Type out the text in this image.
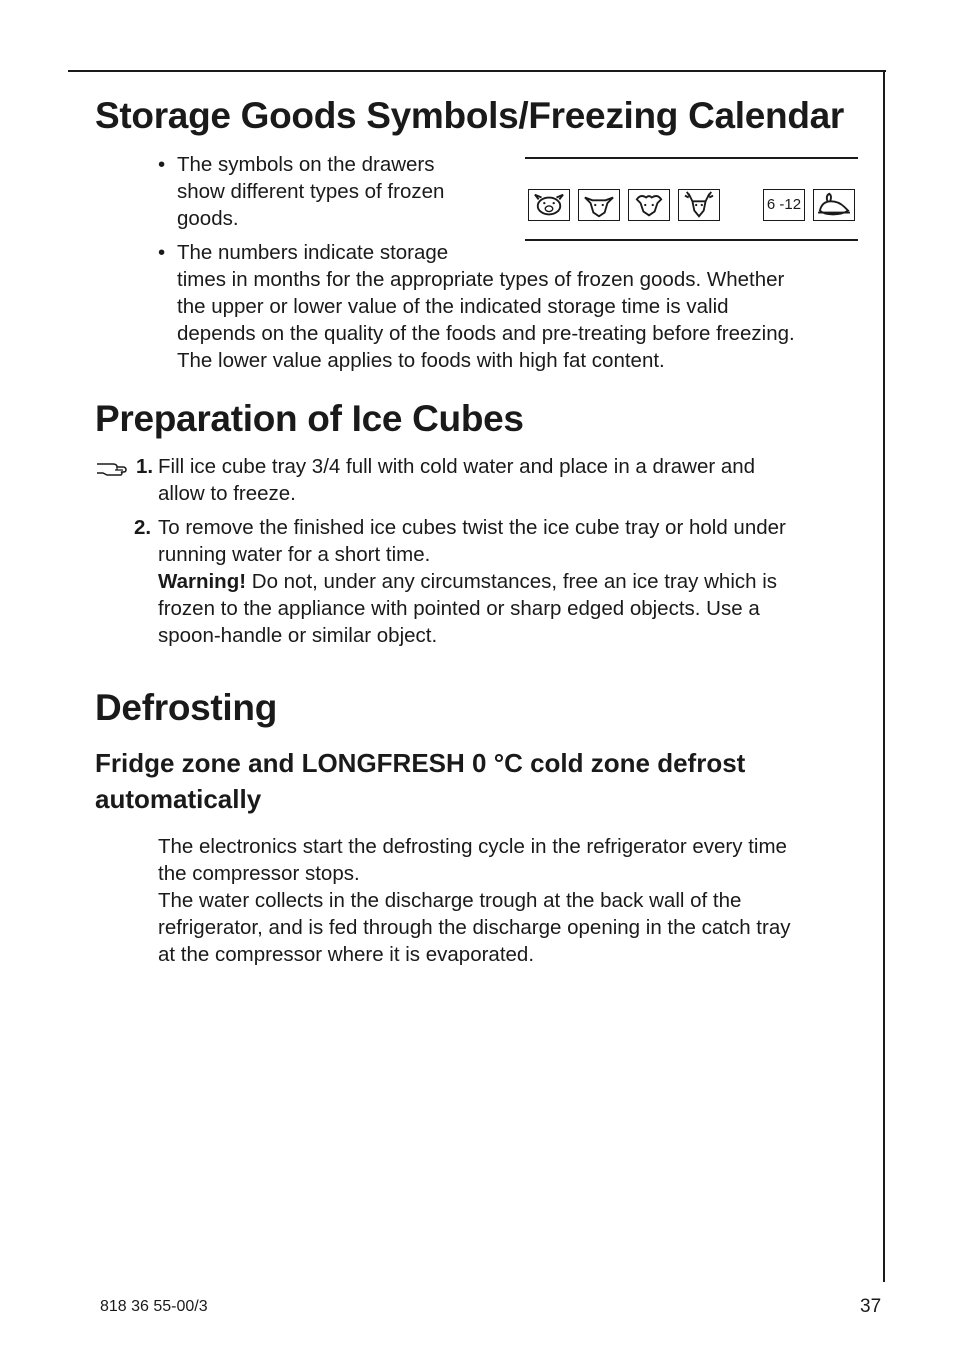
Storage Goods Symbols/Freezing Calendar
• The symbols on the drawers

show different types of frozen

goods.

• The numbers indicate storage

times in months for the appropriate types of frozen goods. Whether

the upper or lower value of the indicated storage time is valid

depends on the quality of the foods and pre-treating before freezing.

The lower value applies to foods with high fat content.

6 -12
Preparation of Ice Cubes
1. Fill ice cube tray 3/4 full with cold water and place in a drawer and

allow to freeze.

2. To remove the finished ice cubes twist the ice cube tray or hold under

running water for a short time.

Warning! Do not, under any circumstances, free an ice tray which is

frozen to the appliance with pointed or sharp edged objects. Use a

spoon-handle or similar object.

Defrosting
Fridge zone and LONGFRESH 0 °C cold zone defrost automatically

The electronics start the defrosting cycle in the refrigerator every time

the compressor stops.

The water collects in the discharge trough at the back wall of the

refrigerator, and is fed through the discharge opening in the catch tray

at the compressor where it is evaporated.

818 36 55-00/3	37
